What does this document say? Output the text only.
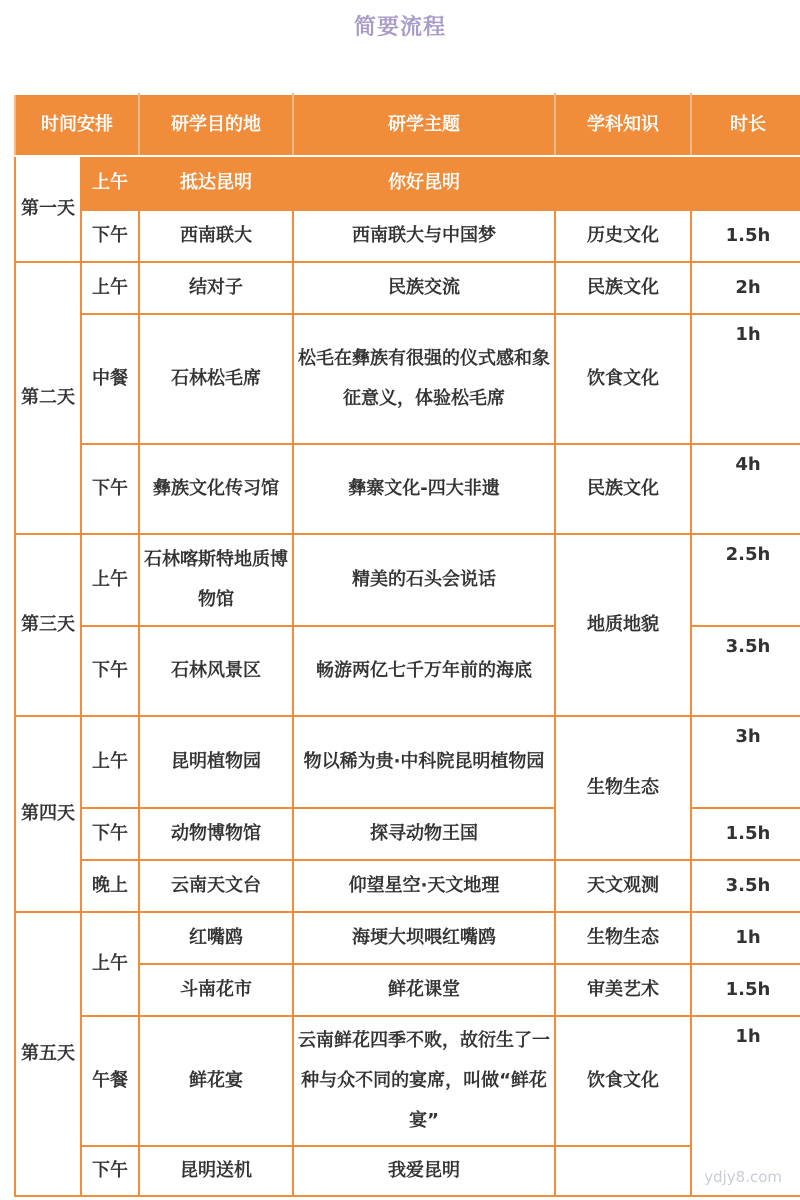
简要流程
时间安排		研学目的地	研学主题	学科知识	时长
第一天	上午	抵达昆明	你好昆明		
	下午	西南联大	西南联大与中国梦	历史文化	1.5h
第二天	上午	结对子	民族交流	民族文化	2h
	中餐	石林松毛席	松毛在彝族有很强的仪式感和象征意义，体验松毛席	饮食文化	1h
	下午	彝族文化传习馆	彝寨文化-四大非遗	民族文化	4h
第三天	上午	石林喀斯特地质博物馆	精美的石头会说话	地质地貌	2.5h
	下午	石林风景区	畅游两亿七千万年前的海底		3.5h
第四天	上午	昆明植物园	物以稀为贵·中科院昆明植物园	生物生态	3h
	下午	动物博物馆	探寻动物王国		1.5h
	晚上	云南天文台	仰望星空·天文地理	天文观测	3.5h
第五天	上午	红嘴鸥	海埂大坝喂红嘴鸥	生物生态	1h
		斗南花市	鲜花课堂	审美艺术	1.5h
	午餐	鲜花宴	云南鲜花四季不败，故衍生了一种与众不同的宴席，叫做“鲜花宴”	饮食文化	1h
	下午	昆明送机	我爱昆明			ydjy8.com
